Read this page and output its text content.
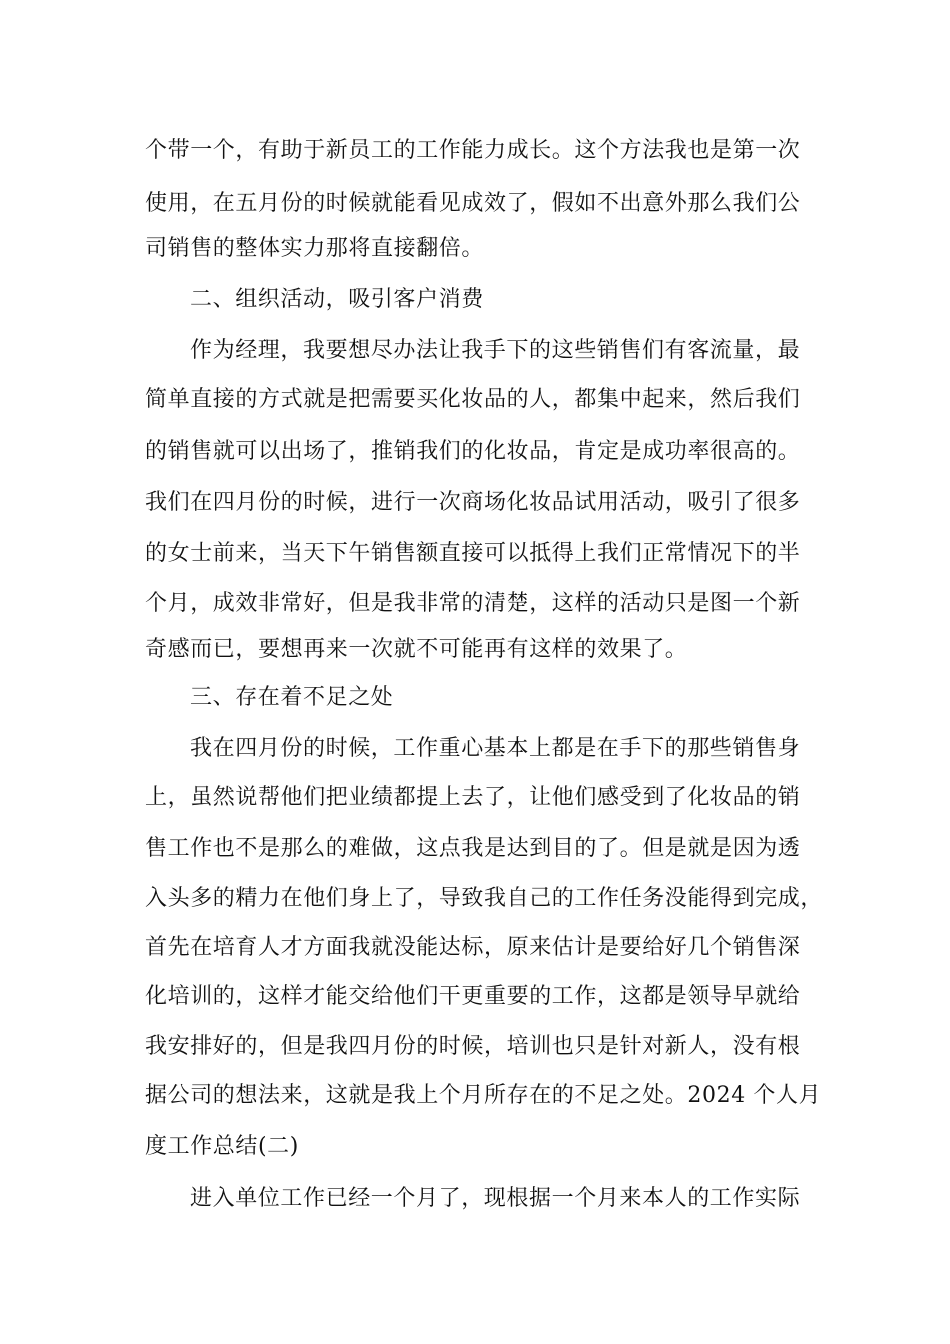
个带一个，有助于新员工的工作能力成长。这个方法我也是第一次
使用，在五月份的时候就能看见成效了，假如不出意外那么我们公
司销售的整体实力那将直接翻倍。
二、组织活动，吸引客户消费
作为经理，我要想尽办法让我手下的这些销售们有客流量，最
简单直接的方式就是把需要买化妆品的人，都集中起来，然后我们
的销售就可以出场了，推销我们的化妆品，肯定是成功率很高的。
我们在四月份的时候，进行一次商场化妆品试用活动，吸引了很多
的女士前来，当天下午销售额直接可以抵得上我们正常情况下的半
个月，成效非常好，但是我非常的清楚，这样的活动只是图一个新
奇感而已，要想再来一次就不可能再有这样的效果了。
三、存在着不足之处
我在四月份的时候，工作重心基本上都是在手下的那些销售身
上，虽然说帮他们把业绩都提上去了，让他们感受到了化妆品的销
售工作也不是那么的难做，这点我是达到目的了。但是就是因为透
入头多的精力在他们身上了，导致我自己的工作任务没能得到完成，
首先在培育人才方面我就没能达标，原来估计是要给好几个销售深
化培训的，这样才能交给他们干更重要的工作，这都是领导早就给
我安排好的，但是我四月份的时候，培训也只是针对新人，没有根
据公司的想法来，这就是我上个月所存在的不足之处。2024 个人月
度工作总结(二)
进入单位工作已经一个月了，现根据一个月来本人的工作实际
